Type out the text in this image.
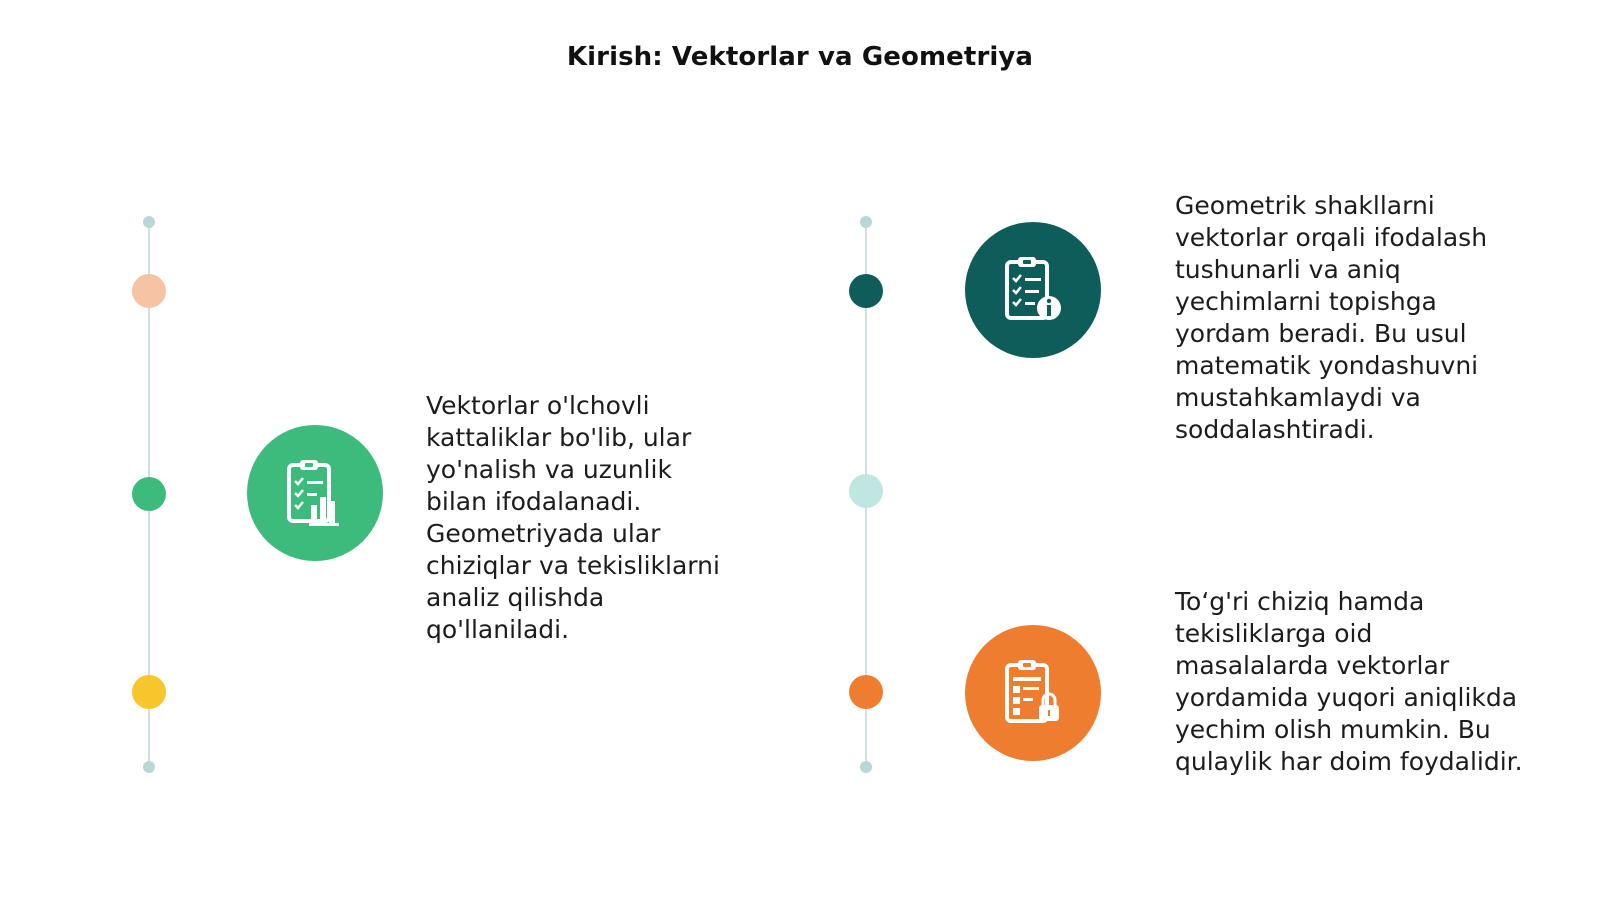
Kirish: Vektorlar va Geometriya
Vektorlar o'lchovli
kattaliklar bo'lib, ular
yo'nalish va uzunlik
bilan ifodalanadi.
Geometriyada ular
chiziqlar va tekisliklarni
analiz qilishda
qo'llaniladi.
Geometrik shakllarni
vektorlar orqali ifodalash
tushunarli va aniq
yechimlarni topishga
yordam beradi. Bu usul
matematik yondashuvni
mustahkamlaydi va
soddalashtiradi.
To‘g'ri chiziq hamda
tekisliklarga oid
masalalarda vektorlar
yordamida yuqori aniqlikda
yechim olish mumkin. Bu
qulaylik har doim foydalidir.
